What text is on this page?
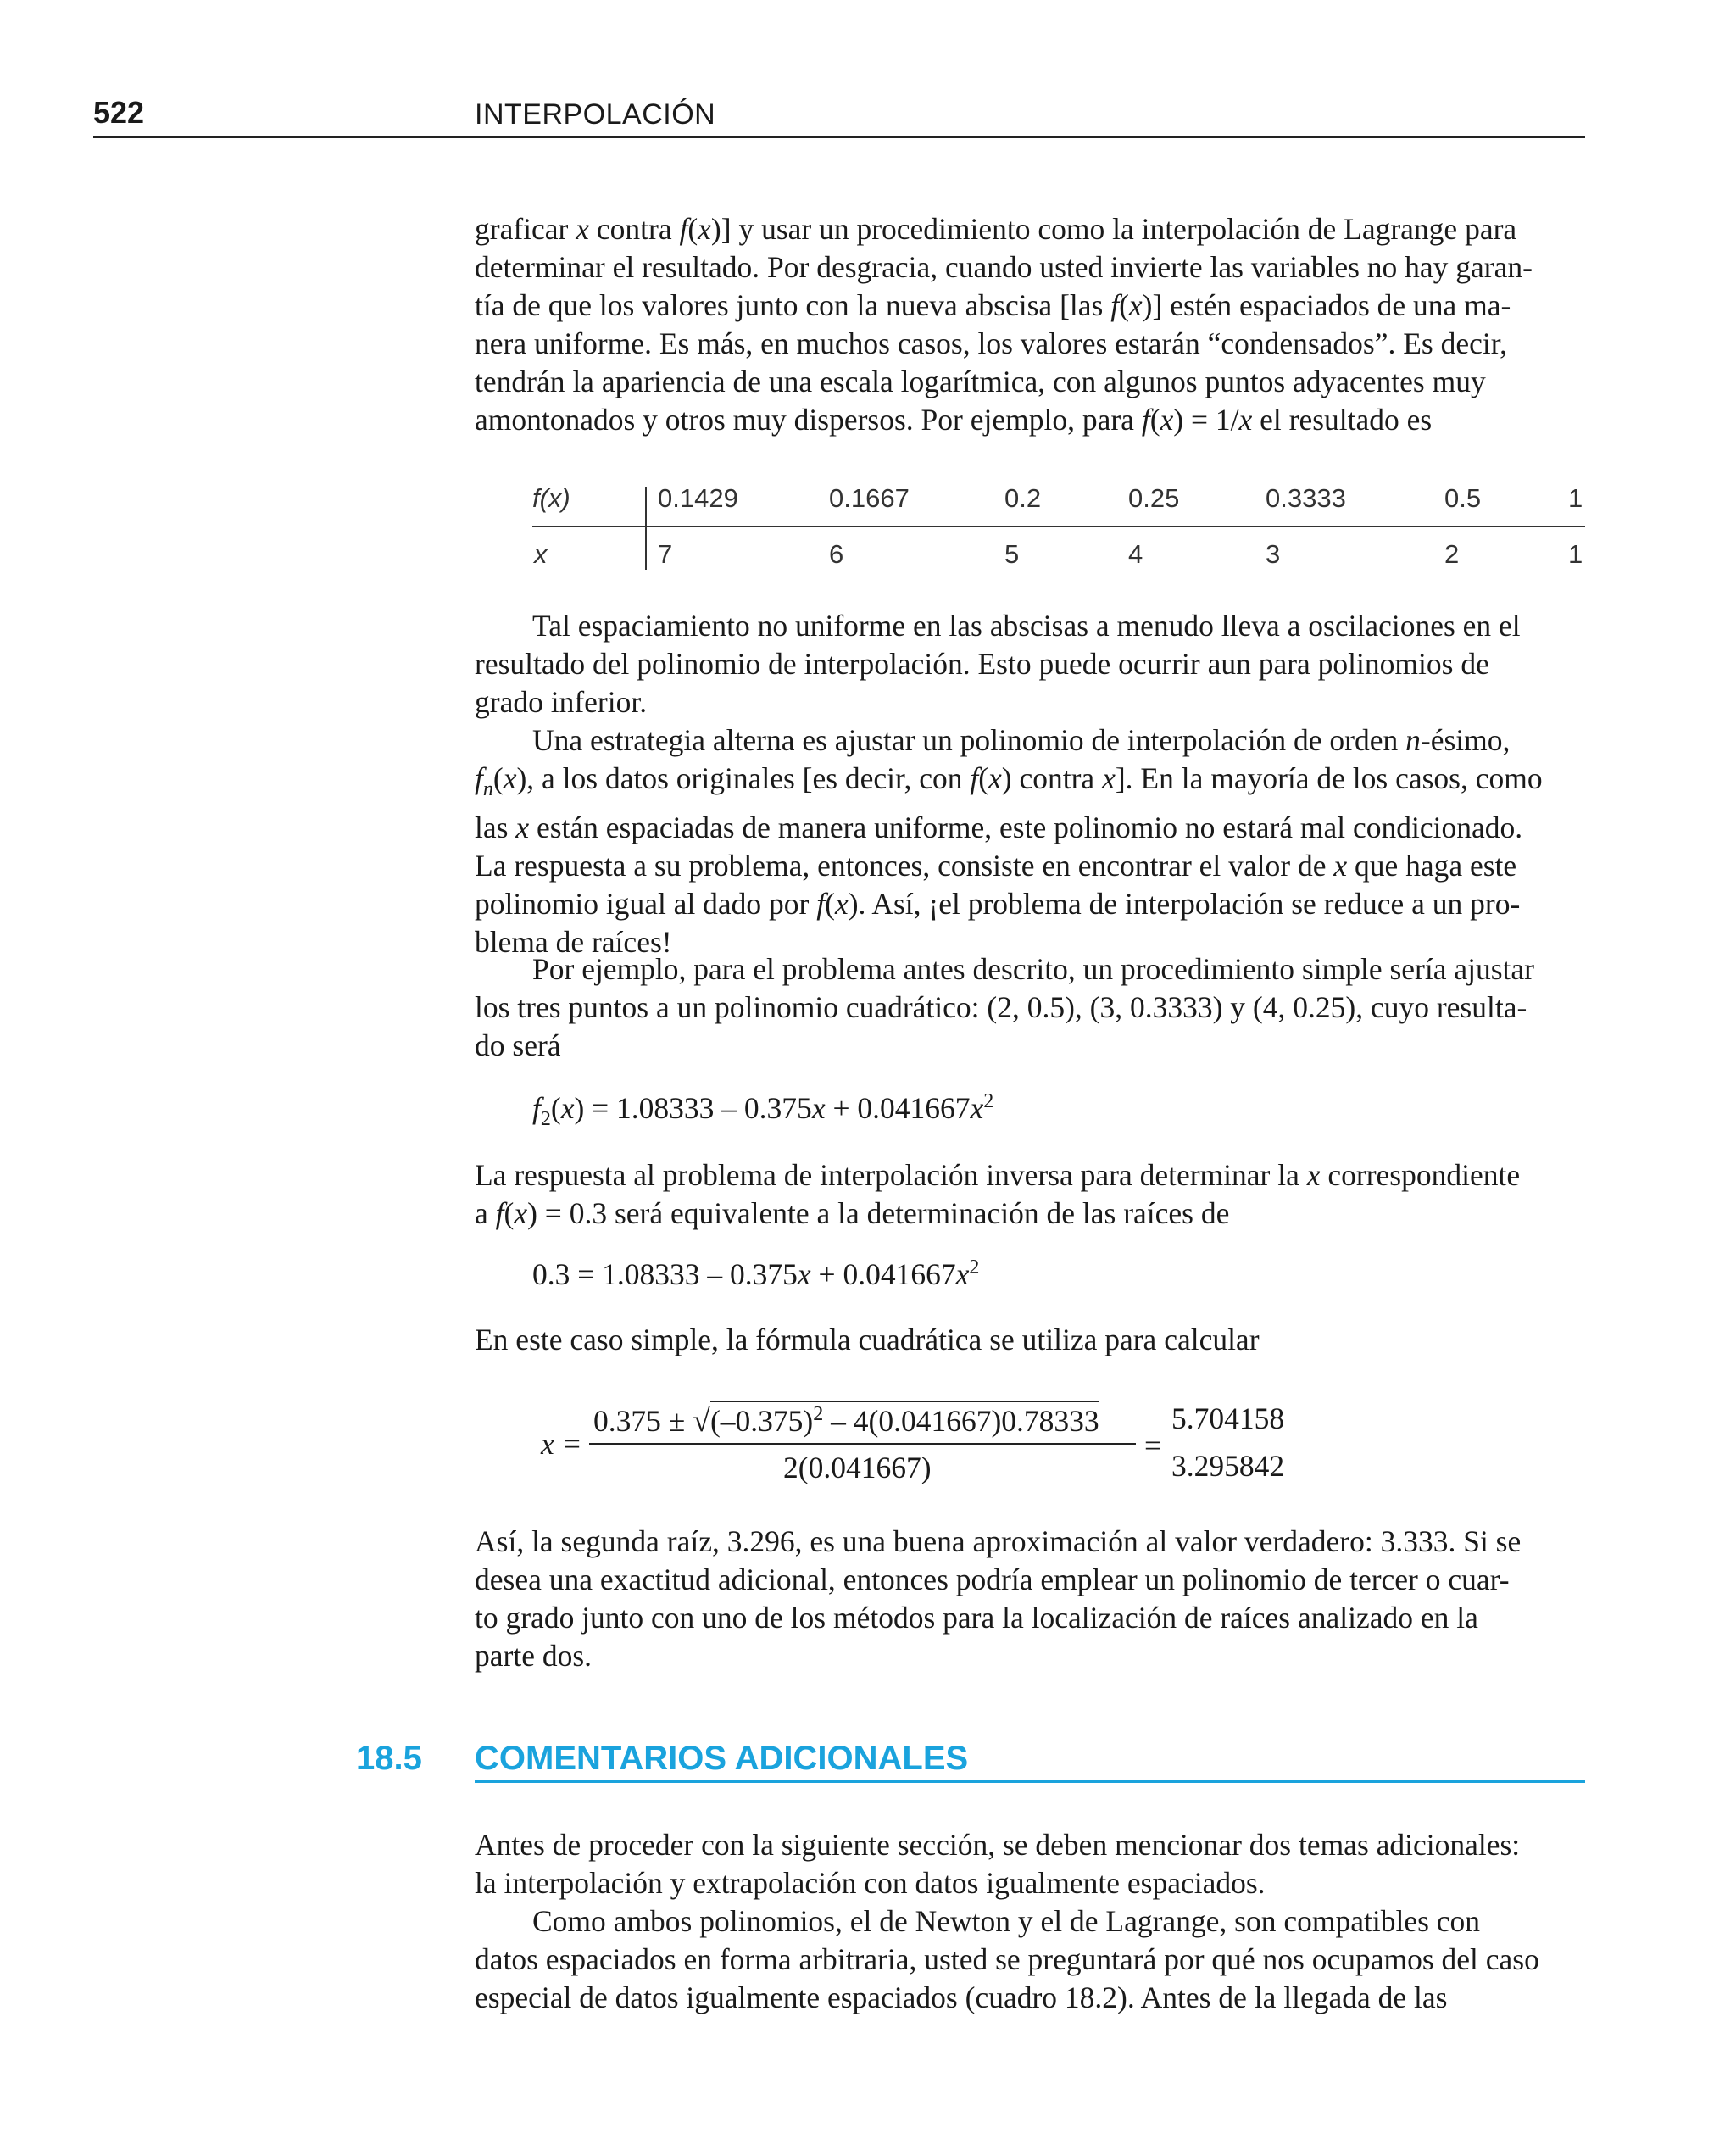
522	INTERPOLACIÓN

graficar x contra f(x)] y usar un procedimiento como la interpolación de Lagrange para

determinar el resultado. Por desgracia, cuando usted invierte las variables no hay garan-

tía de que los valores junto con la nueva abscisa [las f(x)] estén espaciados de una ma-

nera uniforme. Es más, en muchos casos, los valores estarán “condensados”. Es decir,

tendrán la apariencia de una escala logarítmica, con algunos puntos adyacentes muy

amontonados y otros muy dispersos. Por ejemplo, para f(x) = 1/x el resultado es

f(x)	0.1429	0.1667	0.2	0.25	0.3333	0.5	1
x	7	6	5	4	3	2	1

Tal espaciamiento no uniforme en las abscisas a menudo lleva a oscilaciones en el

resultado del polinomio de interpolación. Esto puede ocurrir aun para polinomios de

grado inferior.

Una estrategia alterna es ajustar un polinomio de interpolación de orden n-ésimo,

$f_n(x)$, a los datos originales [es decir, con f(x) contra x]. En la mayoría de los casos, como

las x están espaciadas de manera uniforme, este polinomio no estará mal condicionado.

La respuesta a su problema, entonces, consiste en encontrar el valor de x que haga este

polinomio igual al dado por f(x). Así, ¡el problema de interpolación se reduce a un pro-

blema de raíces!

Por ejemplo, para el problema antes descrito, un procedimiento simple sería ajustar

los tres puntos a un polinomio cuadrático: (2, 0.5), (3, 0.3333) y (4, 0.25), cuyo resulta-

do será

$f_2(x) = 1.08333 - 0.375x + 0.041667x^2$

La respuesta al problema de interpolación inversa para determinar la x correspondiente

a f(x) = 0.3 será equivalente a la determinación de las raíces de

$0.3 = 1.08333 - 0.375x + 0.041667x^2$

En este caso simple, la fórmula cuadrática se utiliza para calcular

x =
$0.375 \pm √(-0.375)^2 - 4(0.041667)0.78333$
2(0.041667)
=
5.704158
3.295842

Así, la segunda raíz, 3.296, es una buena aproximación al valor verdadero: 3.333. Si se

desea una exactitud adicional, entonces podría emplear un polinomio de tercer o cuar-

to grado junto con uno de los métodos para la localización de raíces analizado en la

parte dos.

18.5 COMENTARIOS ADICIONALES

Antes de proceder con la siguiente sección, se deben mencionar dos temas adicionales:

la interpolación y extrapolación con datos igualmente espaciados.

Como ambos polinomios, el de Newton y el de Lagrange, son compatibles con

datos espaciados en forma arbitraria, usted se preguntará por qué nos ocupamos del caso

especial de datos igualmente espaciados (cuadro 18.2). Antes de la llegada de las
